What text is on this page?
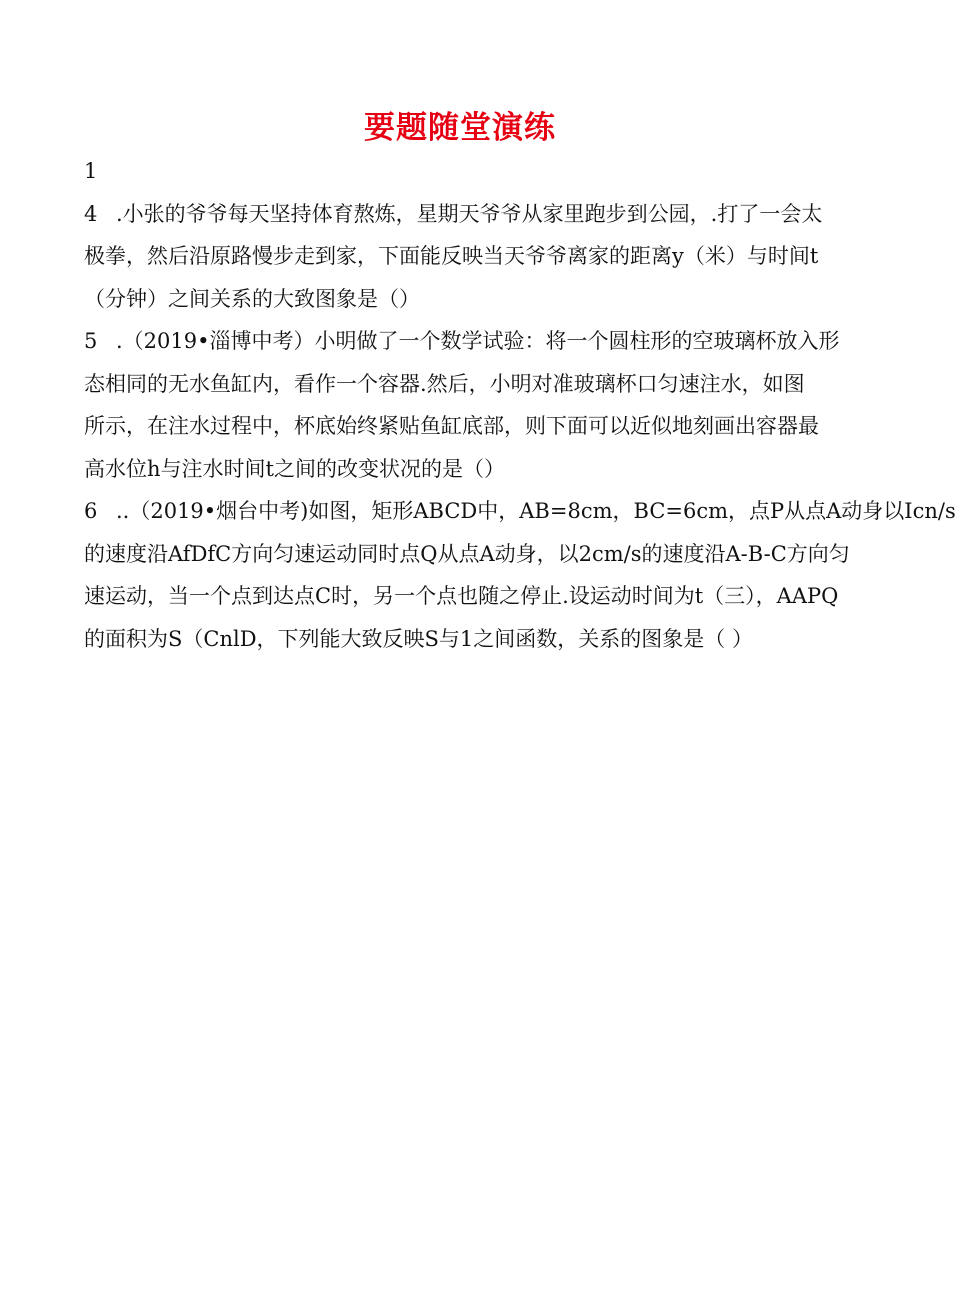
要题随堂演练
1
4 .小张的爷爷每天坚持体育熬炼，星期天爷爷从家里跑步到公园，.打了一会太
极拳，然后沿原路慢步走到家，下面能反映当天爷爷离家的距离y（米）与时间t
（分钟）之间关系的大致图象是（）
5 .（2019•淄博中考）小明做了一个数学试验：将一个圆柱形的空玻璃杯放入形
态相同的无水鱼缸内，看作一个容器.然后，小明对准玻璃杯口匀速注水，如图
所示，在注水过程中，杯底始终紧贴鱼缸底部，则下面可以近似地刻画出容器最
高水位h与注水时间t之间的改变状况的是（）
6 ..（2019•烟台中考)如图，矩形ABCD中，AB=8cm，BC=6cm，点P从点A动身以Icn/s
的速度沿AfDfC方向匀速运动同时点Q从点A动身，以2cm/s的速度沿A-B-C方向匀
速运动，当一个点到达点C时，另一个点也随之停止.设运动时间为t（三），AAPQ
的面积为S（CnlD，下列能大致反映S与1之间函数，关系的图象是（ ）
